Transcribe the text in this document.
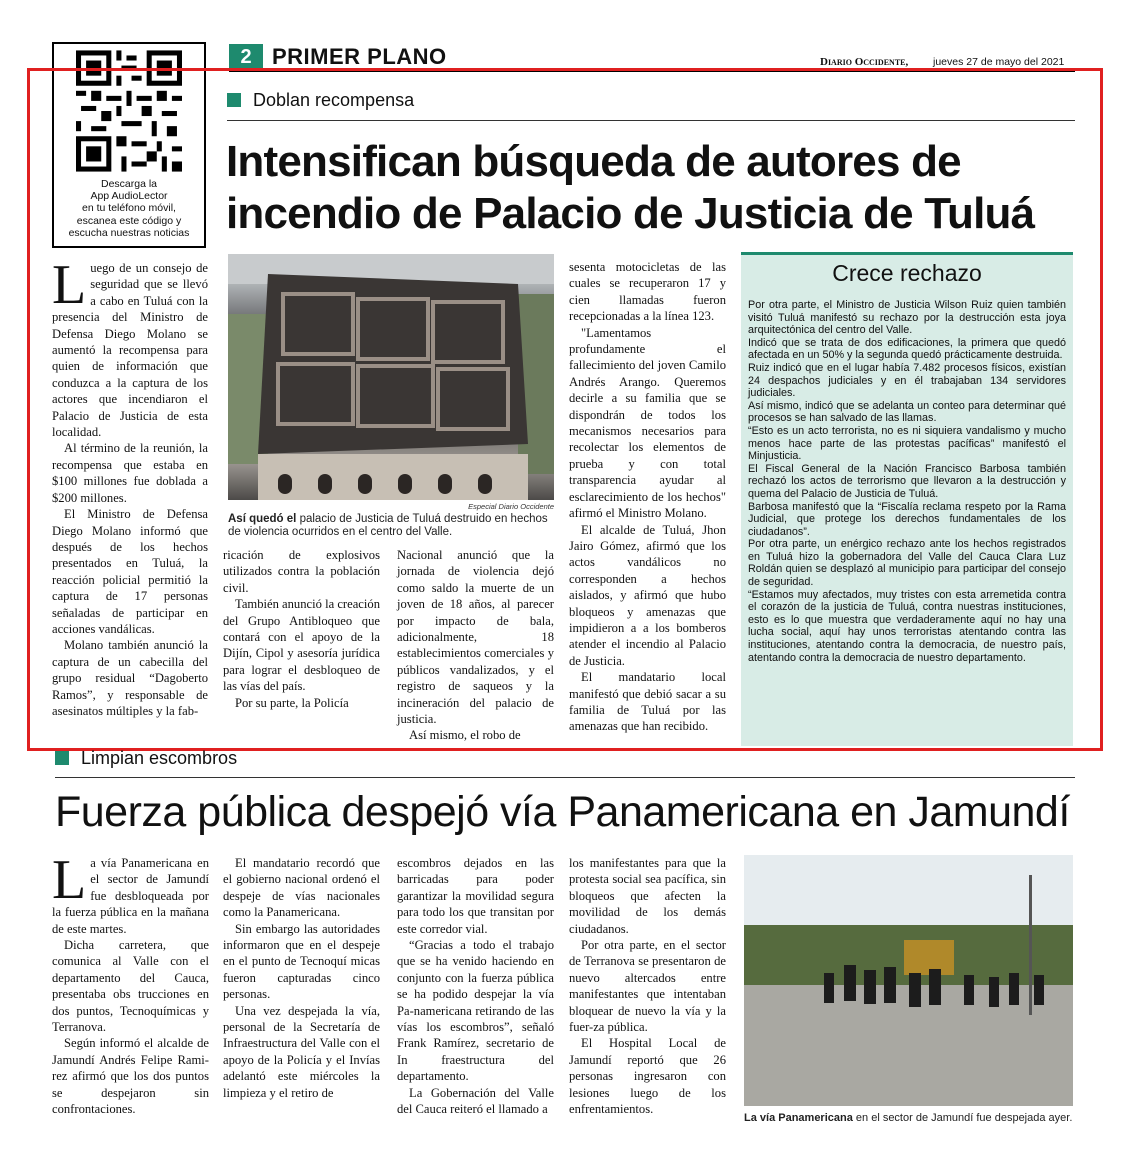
Descarga la
App AudioLector
en tu teléfono móvil,
escanea este código y
escucha nuestras noticias
2 PRIMER PLANO	Diario Occidente, jueves 27 de mayo del 2021
Doblan recompensa
Intensifican búsqueda de autores de
incendio de Palacio de Justicia de Tuluá

Luego de un consejo de seguridad que se llevó a cabo en Tuluá con la presencia del Ministro de Defensa Diego Molano se aumentó la recompensa para quien de información que conduzca a la captura de los actores que incendiaron el Palacio de Justicia de esta localidad.

Al término de la reunión, la recompensa que estaba en $100 millones fue doblada a $200 millones.

El Ministro de Defensa Diego Molano informó que después de los hechos presentados en Tuluá, la reacción policial permitió la captura de 17 personas señaladas de participar en acciones vandálicas.

Molano también anunció la captura de un cabecilla del grupo residual “Dagoberto Ramos”, y responsable de asesinatos múltiples y la fab-

Especial Diario Occidente
Así quedó el palacio de Justicia de Tuluá destruido en hechos de violencia ocurridos en el centro del Valle.

ricación de explosivos utilizados contra la población civil.

También anunció la creación del Grupo Antibloqueo que contará con el apoyo de la Dijín, Cipol y asesoría jurídica para lograr el desbloqueo de las vías del país.

Por su parte, la Policía

Nacional anunció que la jornada de violencia dejó como saldo la muerte de un joven de 18 años, al parecer por impacto de bala, adicionalmente, 18 establecimientos comerciales y públicos vandalizados, y el registro de saqueos y la incineración del palacio de justicia.

Así mismo, el robo de

sesenta motocicletas de las cuales se recuperaron 17 y cien llamadas fueron recepcionadas a la línea 123.

"Lamentamos profundamente el fallecimiento del joven Camilo Andrés Arango. Queremos decirle a su familia que se dispondrán de todos los mecanismos necesarios para recolectar los elementos de prueba y con total transparencia ayudar al esclarecimiento de los hechos" afirmó el Ministro Molano.

El alcalde de Tuluá, Jhon Jairo Gómez, afirmó que los actos vandálicos no corresponden a hechos aislados, y afirmó que hubo bloqueos y amenazas que impidieron a a los bomberos atender el incendio al Palacio de Justicia.

El mandatario local manifestó que debió sacar a su familia de Tuluá por las amenazas que han recibido.

Crece rechazo

Por otra parte, el Ministro de Justicia Wilson Ruiz quien también visitó Tuluá manifestó su rechazo por la destrucción esta joya arquitectónica del centro del Valle.

Indicó que se trata de dos edificaciones, la primera que quedó afectada en un 50% y la segunda quedó prácticamente destruida.

Ruiz indicó que en el lugar había 7.482 procesos físicos, existían 24 despachos judiciales y en él trabajaban 134 servidores judiciales.

Así mismo, indicó que se adelanta un conteo para determinar qué procesos se han salvado de las llamas.

“Esto es un acto terrorista, no es ni siquiera vandalismo y mucho menos hace parte de las protestas pacíficas” manifestó el Minjusticia.

El Fiscal General de la Nación Francisco Barbosa también rechazó los actos de terrorismo que llevaron a la destrucción y quema del Palacio de Justicia de Tuluá.

Barbosa manifestó que la “Fiscalía reclama respeto por la Rama Judicial, que protege los derechos fundamentales de los ciudadanos”.

Por otra parte, un enérgico rechazo ante los hechos registrados en Tuluá hizo la gobernadora del Valle del Cauca Clara Luz Roldán quien se desplazó al municipio para participar del consejo de seguridad.

“Estamos muy afectados, muy tristes con esta arremetida contra el corazón de la justicia de Tuluá, contra nuestras instituciones, esto es lo que muestra que verdaderamente aquí no hay una lucha social, aquí hay unos terroristas atentando contra las instituciones, atentando contra la democracia, de nuestro país, atentando contra la democracia de nuestro departamento.

Limpian escombros
Fuerza pública despejó vía Panamericana en Jamundí

La vía Panamericana en el sector de Jamundí fue desbloqueada por la fuerza pública en la mañana de este martes.

Dicha carretera, que comunica al Valle con el departamento del Cauca, presentaba obs trucciones en dos puntos, Tecnoquímicas y Terranova.

Según informó el alcalde de Jamundí Andrés Felipe Rami-rez afirmó que los dos puntos se despejaron sin confrontaciones.

El mandatario recordó que el gobierno nacional ordenó el despeje de vías nacionales como la Panamericana.

Sin embargo las autoridades informaron que en el despeje en el punto de Tecnoquí micas fueron capturadas cinco personas.

Una vez despejada la vía, personal de la Secretaría de Infraestructura del Valle con el apoyo de la Policía y el Invías adelantó este miércoles la limpieza y el retiro de

escombros dejados en las barricadas para poder garantizar la movilidad segura para todo los que transitan por este corredor vial.

“Gracias a todo el trabajo que se ha venido haciendo en conjunto con la fuerza pública se ha podido despejar la vía Pa-namericana retirando de las vías los escombros”, señaló Frank Ramírez, secretario de In fraestructura del departamento.

La Gobernación del Valle del Cauca reiteró el llamado a

los manifestantes para que la protesta social sea pacífica, sin bloqueos que afecten la movilidad de los demás ciudadanos.

Por otra parte, en el sector de Terranova se presentaron de nuevo altercados entre manifestantes que intentaban bloquear de nuevo la vía y la fuer-za pública.

El Hospital Local de Jamundí reportó que 26 personas ingresaron con lesiones luego de los enfrentamientos.

La vía Panamericana en el sector de Jamundí fue despejada ayer.
